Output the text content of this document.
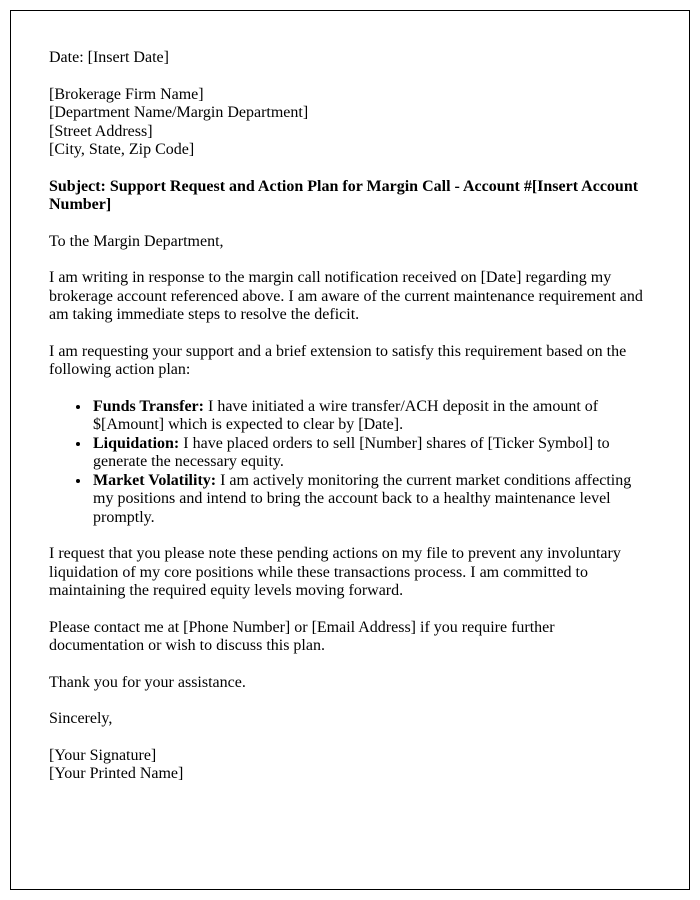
Date: [Insert Date]

[Brokerage Firm Name]
[Department Name/Margin Department]
[Street Address]
[City, State, Zip Code]

Subject: Support Request and Action Plan for Margin Call - Account #[Insert Account Number]

To the Margin Department,

I am writing in response to the margin call notification received on [Date] regarding my brokerage account referenced above. I am aware of the current maintenance requirement and am taking immediate steps to resolve the deficit.

I am requesting your support and a brief extension to satisfy this requirement based on the following action plan:

• Funds Transfer: I have initiated a wire transfer/ACH deposit in the amount of $[Amount] which is expected to clear by [Date].
• Liquidation: I have placed orders to sell [Number] shares of [Ticker Symbol] to generate the necessary equity.
• Market Volatility: I am actively monitoring the current market conditions affecting my positions and intend to bring the account back to a healthy maintenance level promptly.

I request that you please note these pending actions on my file to prevent any involuntary liquidation of my core positions while these transactions process. I am committed to maintaining the required equity levels moving forward.

Please contact me at [Phone Number] or [Email Address] if you require further documentation or wish to discuss this plan.

Thank you for your assistance.

Sincerely,

[Your Signature]
[Your Printed Name]
